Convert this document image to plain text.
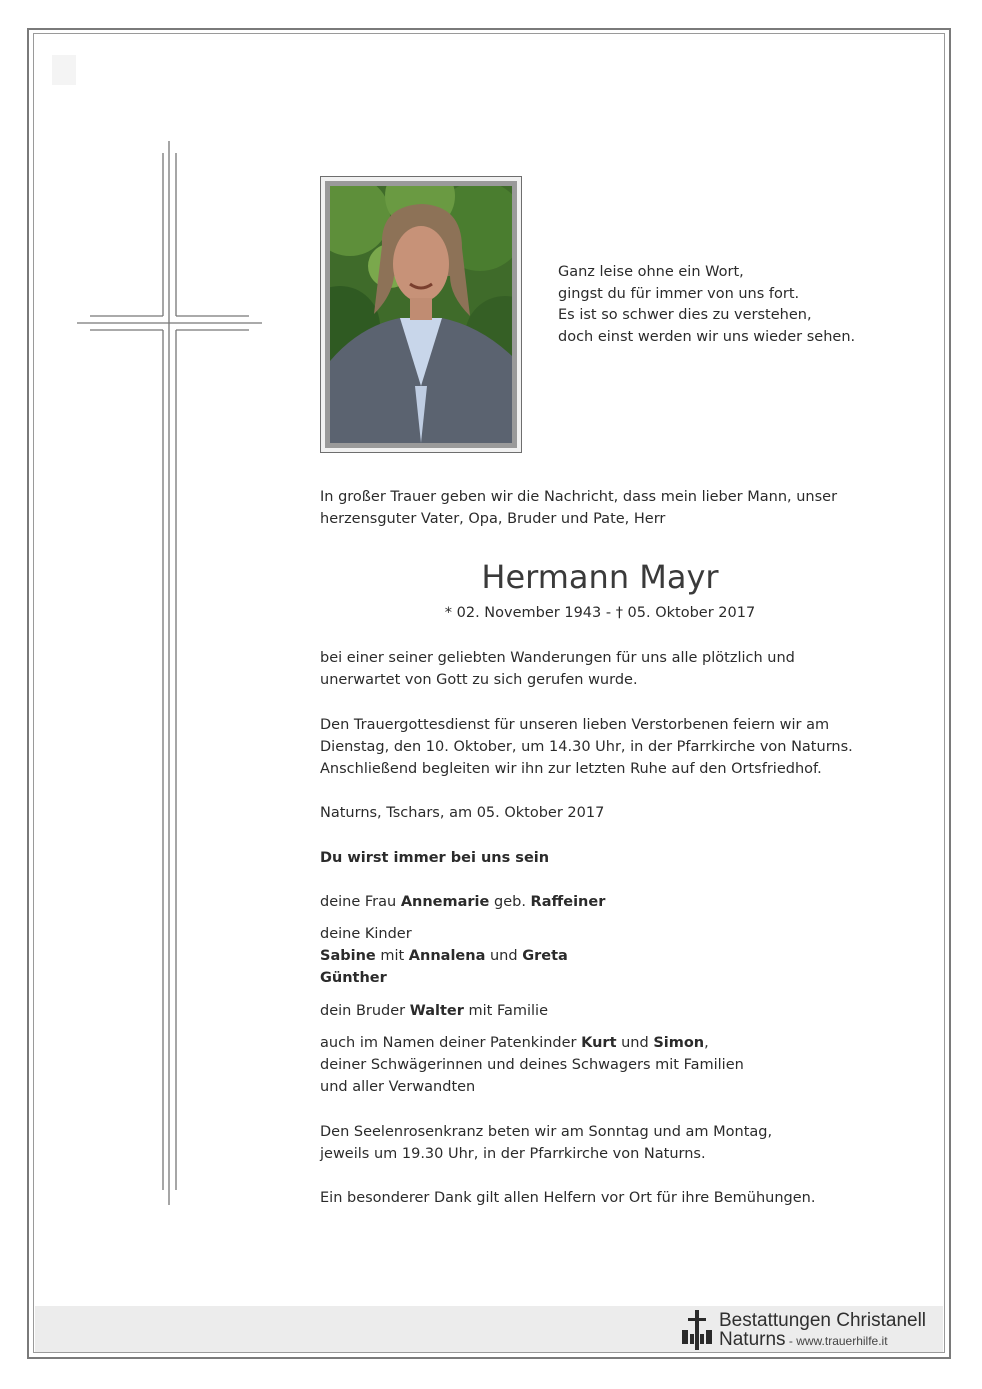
Ganz leise ohne ein Wort,
gingst du für immer von uns fort.
Es ist so schwer dies zu verstehen,
doch einst werden wir uns wieder sehen.
In großer Trauer geben wir die Nachricht, dass mein lieber Mann, unser
herzensguter Vater, Opa, Bruder und Pate, Herr
Hermann Mayr
* 02. November 1943 - † 05. Oktober 2017
bei einer seiner geliebten Wanderungen für uns alle plötzlich und
unerwartet von Gott zu sich gerufen wurde.
Den Trauergottesdienst für unseren lieben Verstorbenen feiern wir am
Dienstag, den 10. Oktober, um 14.30 Uhr, in der Pfarrkirche von Naturns.
Anschließend begleiten wir ihn zur letzten Ruhe auf den Ortsfriedhof.
Naturns, Tschars, am 05. Oktober 2017
Du wirst immer bei uns sein
deine Frau Annemarie geb. Raffeiner
deine Kinder
Sabine mit Annalena und Greta
Günther
dein Bruder Walter mit Familie
auch im Namen deiner Patenkinder Kurt und Simon,
deiner Schwägerinnen und deines Schwagers mit Familien
und aller Verwandten
Den Seelenrosenkranz beten wir am Sonntag und am Montag,
jeweils um 19.30 Uhr, in der Pfarrkirche von Naturns.
Ein besonderer Dank gilt allen Helfern vor Ort für ihre Bemühungen.
Bestattungen Christanell
Naturns - www.trauerhilfe.it
